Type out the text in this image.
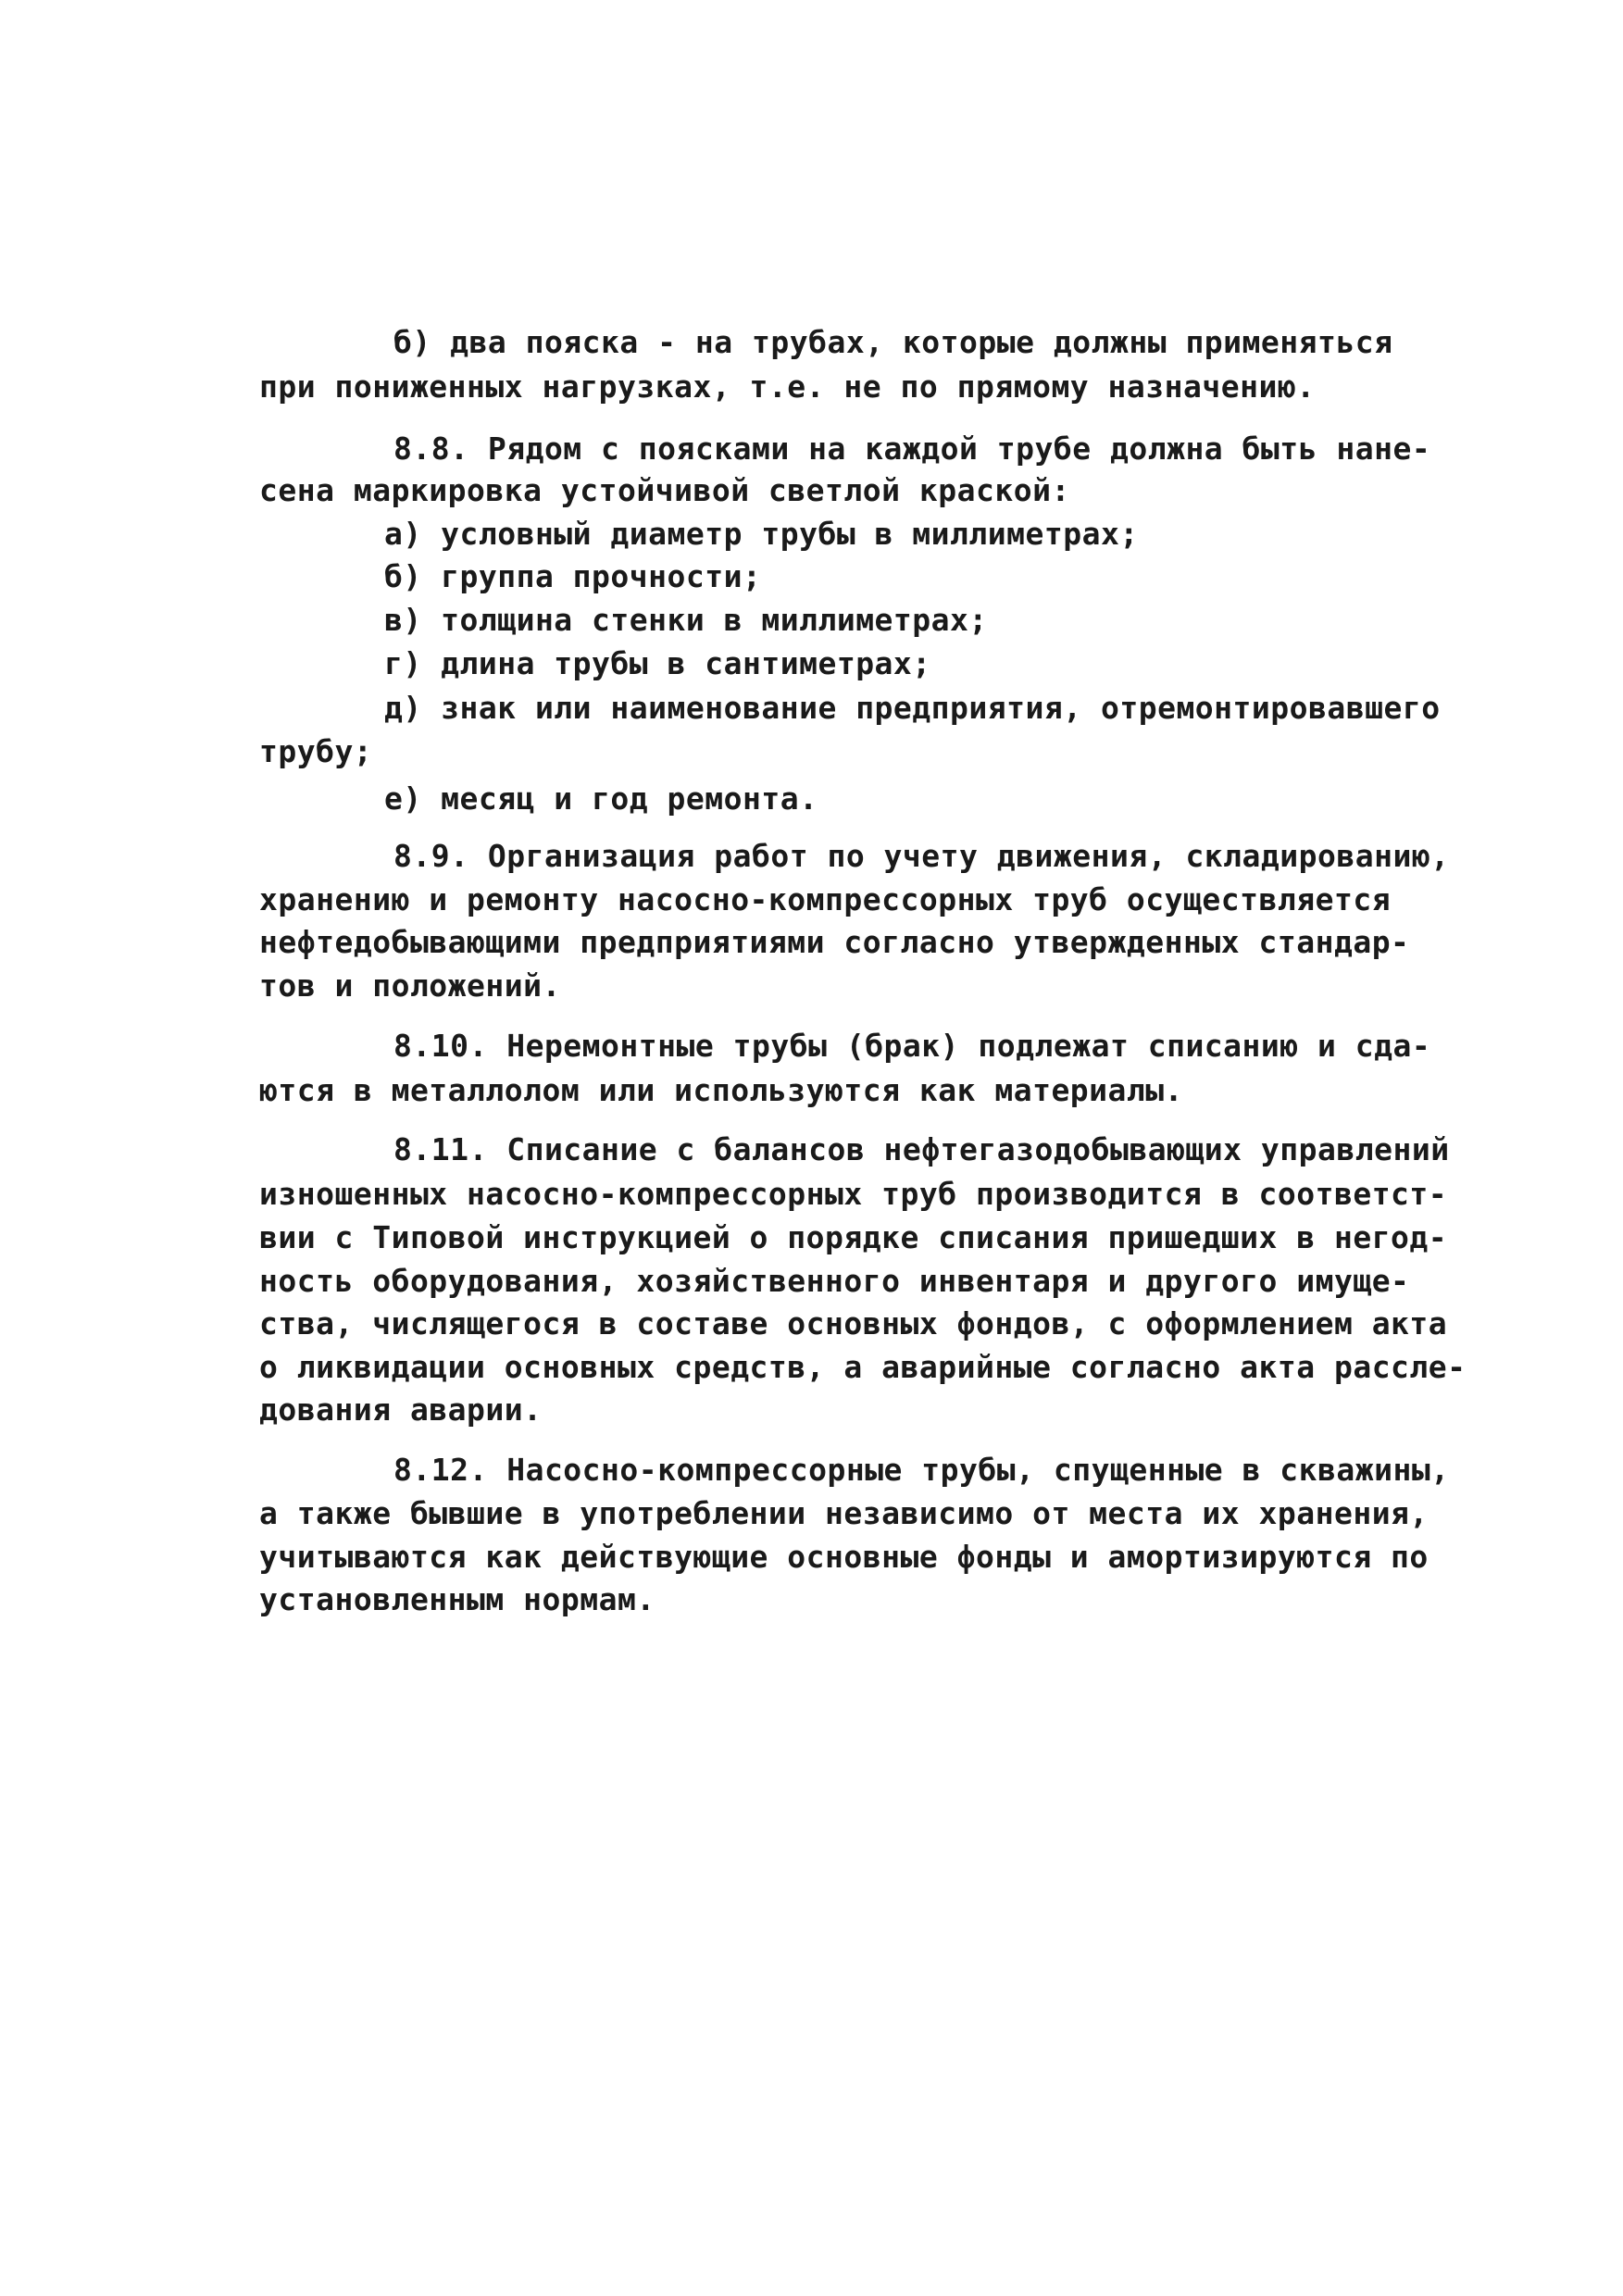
б) два пояска - на трубах, которые должны применяться
при пониженных нагрузках, т.е. не по прямому назначению.
8.8. Рядом с поясками на каждой трубе должна быть нане-
сена маркировка устойчивой светлой краской:
а) условный диаметр трубы в миллиметрах;
б) группа прочности;
в) толщина стенки в миллиметрах;
г) длина трубы в сантиметрах;
д) знак или наименование предприятия, отремонтировавшего
трубу;
е) месяц и год ремонта.
8.9. Организация работ по учету движения, складированию,
хранению и ремонту насосно-компрессорных труб осуществляется
нефтедобывающими предприятиями согласно утвержденных стандар-
тов и положений.
8.10. Неремонтные трубы (брак) подлежат списанию и сда-
ются в металлолом или используются как материалы.
8.11. Списание с балансов нефтегазодобывающих управлений
изношенных насосно-компрессорных труб производится в соответст-
вии с Типовой инструкцией о порядке списания пришедших в негод-
ность оборудования, хозяйственного инвентаря и другого имуще-
ства, числящегося в составе основных фондов, с оформлением акта
о ликвидации основных средств, а аварийные согласно акта рассле-
дования аварии.
8.12. Насосно-компрессорные трубы, спущенные в скважины,
а также бывшие в употреблении независимо от места их хранения,
учитываются как действующие основные фонды и амортизируются по
установленным нормам.
